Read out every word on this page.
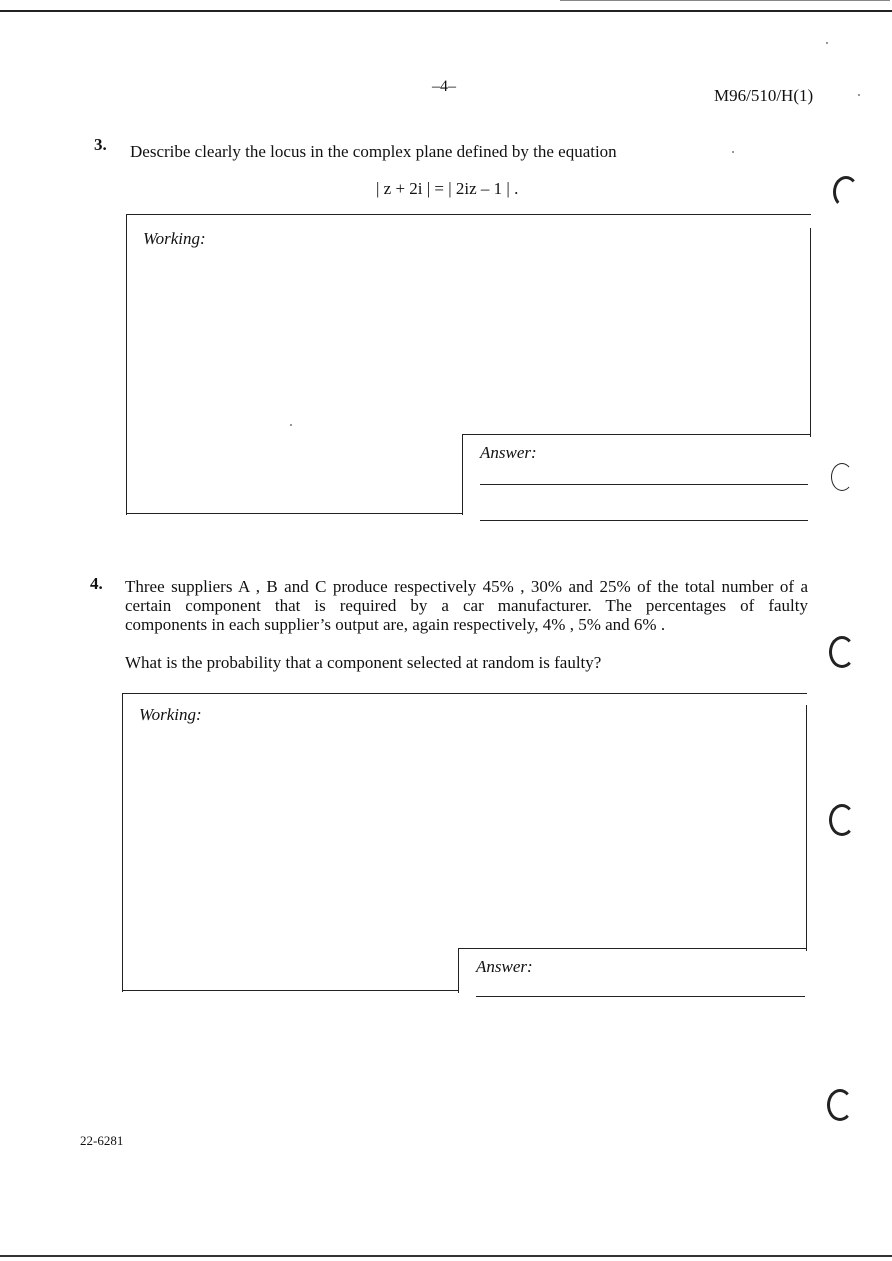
–4–	M96/510/H(1)
3. Describe clearly the locus in the complex plane defined by the equation
| z + 2i | = | 2iz – 1 | .
Working:
Answer:
4. Three suppliers A , B and C produce respectively 45% , 30% and 25% of the total number of a
certain component that is required by a car manufacturer. The percentages of faulty
components in each supplier’s output are, again respectively, 4% , 5% and 6% .
What is the probability that a component selected at random is faulty?
Working:
Answer:
22-6281
